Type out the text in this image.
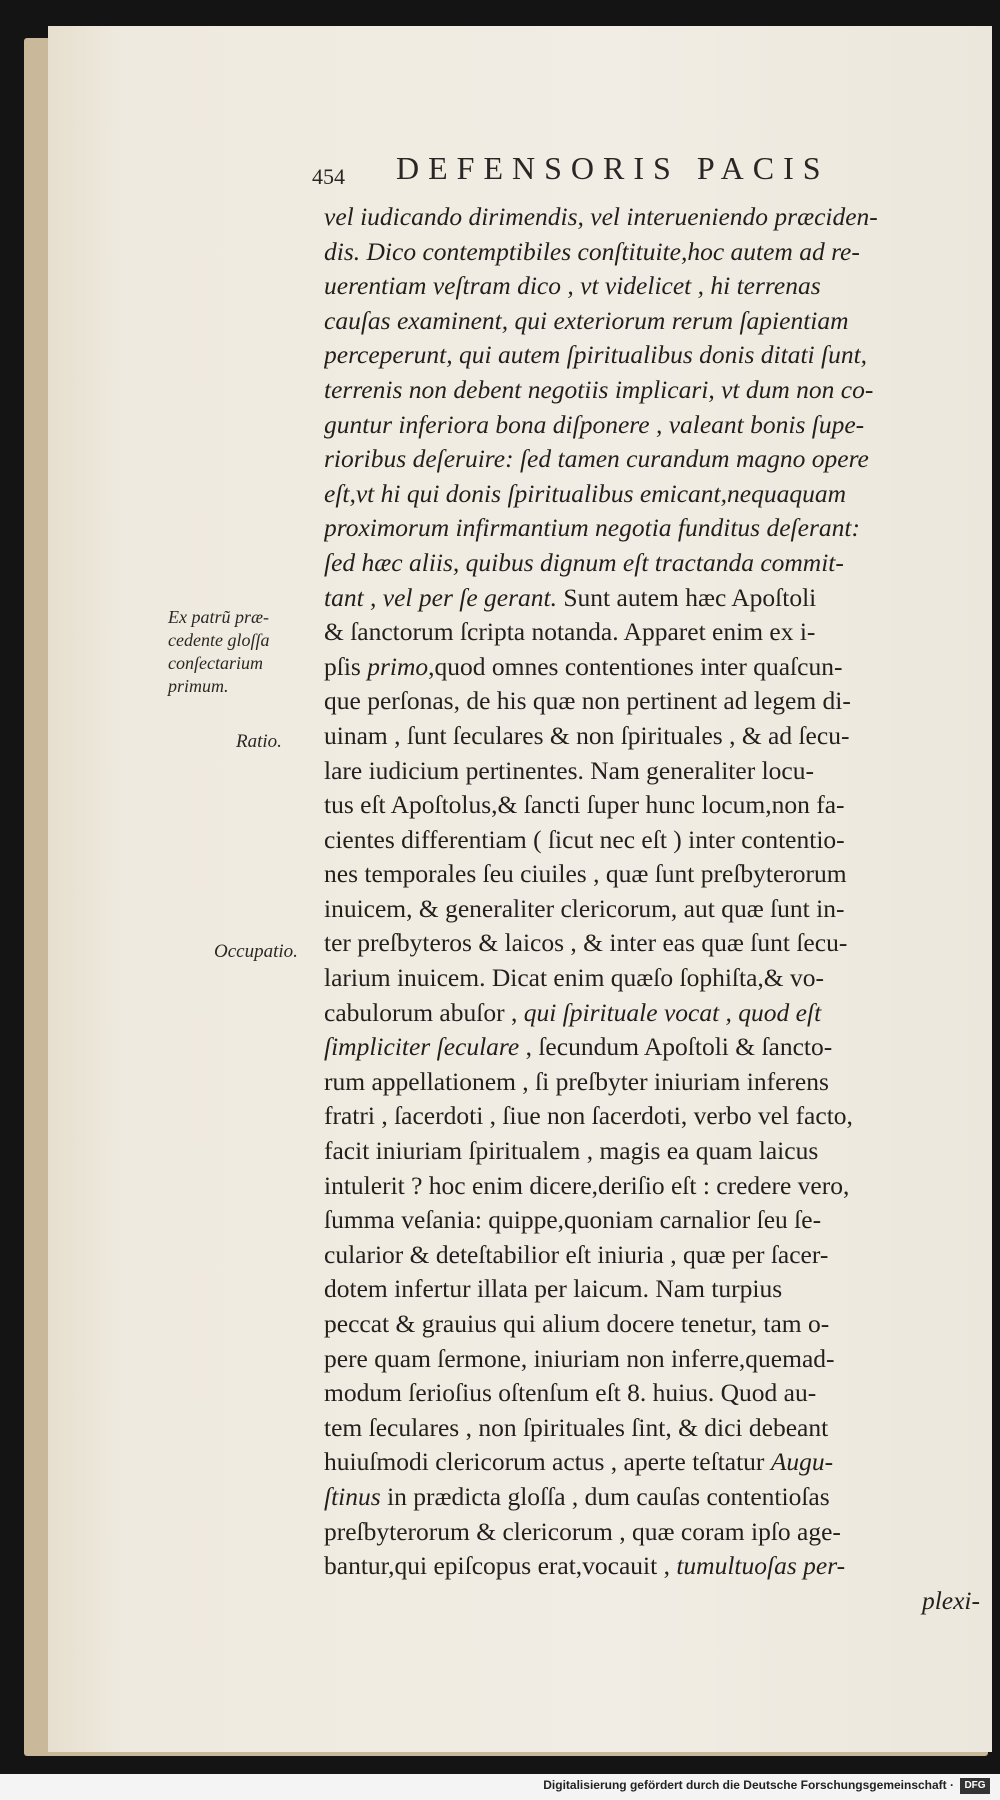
454 DEFENSORIS PACIS
Ex patrũ præ-
cedente gloſſa
conſectarium
primum.
Ratio.
Occupatio.
vel iudicando dirimendis, vel interueniendo præciden-
dis. Dico contemptibiles conſtituite,hoc autem ad re-
uerentiam veſtram dico , vt videlicet , hi terrenas
cauſas examinent, qui exteriorum rerum ſapientiam
perceperunt, qui autem ſpiritualibus donis ditati ſunt,
terrenis non debent negotiis implicari, vt dum non co-
guntur inferiora bona diſponere , valeant bonis ſupe-
rioribus deſeruire: ſed tamen curandum magno opere
eſt,vt hi qui donis ſpiritualibus emicant,nequaquam
proximorum infirmantium negotia funditus deſerant:
ſed hæc aliis, quibus dignum eſt tractanda commit-
tant , vel per ſe gerant. Sunt autem hæc Apoſtoli
& ſanctorum ſcripta notanda. Apparet enim ex i-
pſis primo,quod omnes contentiones inter quaſcun-
que perſonas, de his quæ non pertinent ad legem di-
uinam , ſunt ſeculares & non ſpirituales , & ad ſecu-
lare iudicium pertinentes. Nam generaliter locu-
tus eſt Apoſtolus,& ſancti ſuper hunc locum,non fa-
cientes differentiam ( ſicut nec eſt ) inter contentio-
nes temporales ſeu ciuiles , quæ ſunt preſbyterorum
inuicem, & generaliter clericorum, aut quæ ſunt in-
ter preſbyteros & laicos , & inter eas quæ ſunt ſecu-
larium inuicem. Dicat enim quæſo ſophiſta,& vo-
cabulorum abuſor , qui ſpirituale vocat , quod eſt
ſimpliciter ſeculare , ſecundum Apoſtoli & ſancto-
rum appellationem , ſi preſbyter iniuriam inferens
fratri , ſacerdoti , ſiue non ſacerdoti, verbo vel facto,
facit iniuriam ſpiritualem , magis ea quam laicus
intulerit ? hoc enim dicere,deriſio eſt : credere vero,
ſumma veſania: quippe,quoniam carnalior ſeu ſe-
cularior & deteſtabilior eſt iniuria , quæ per ſacer-
dotem infertur illata per laicum. Nam turpius
peccat & grauius qui alium docere tenetur, tam o-
pere quam ſermone, iniuriam non inferre,quemad-
modum ſerioſius oſtenſum eſt 8. huius. Quod au-
tem ſeculares , non ſpirituales ſint, & dici debeant
huiuſmodi clericorum actus , aperte teſtatur Augu-
ſtinus in prædicta gloſſa , dum cauſas contentioſas
preſbyterorum & clericorum , quæ coram ipſo age-
bantur,qui epiſcopus erat,vocauit , tumultuoſas per-
plexi-
Digitalisierung gefördert durch die Deutsche Forschungsgemeinschaft ·	DFG
